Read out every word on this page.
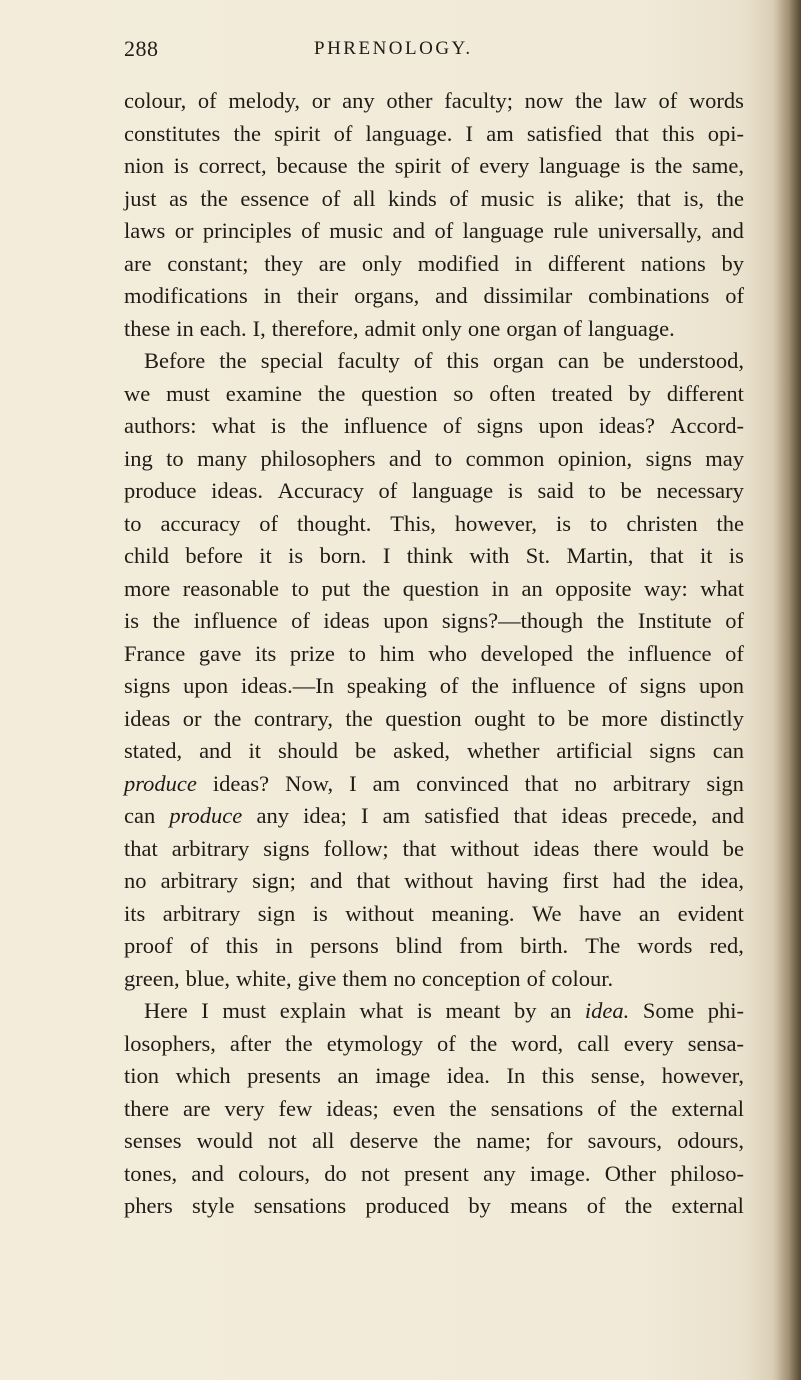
288	PHRENOLOGY.
colour, of melody, or any other faculty; now the law of words
constitutes the spirit of language. I am satisfied that this opi-
nion is correct, because the spirit of every language is the same,
just as the essence of all kinds of music is alike; that is, the
laws or principles of music and of language rule universally, and
are constant; they are only modified in different nations by
modifications in their organs, and dissimilar combinations of
these in each. I, therefore, admit only one organ of language.
Before the special faculty of this organ can be understood,
we must examine the question so often treated by different
authors: what is the influence of signs upon ideas? Accord-
ing to many philosophers and to common opinion, signs may
produce ideas. Accuracy of language is said to be necessary
to accuracy of thought. This, however, is to christen the
child before it is born. I think with St. Martin, that it is
more reasonable to put the question in an opposite way: what
is the influence of ideas upon signs?—though the Institute of
France gave its prize to him who developed the influence of
signs upon ideas.—In speaking of the influence of signs upon
ideas or the contrary, the question ought to be more distinctly
stated, and it should be asked, whether artificial signs can
produce ideas? Now, I am convinced that no arbitrary sign
can produce any idea; I am satisfied that ideas precede, and
that arbitrary signs follow; that without ideas there would be
no arbitrary sign; and that without having first had the idea,
its arbitrary sign is without meaning. We have an evident
proof of this in persons blind from birth. The words red,
green, blue, white, give them no conception of colour.
Here I must explain what is meant by an idea. Some phi-
losophers, after the etymology of the word, call every sensa-
tion which presents an image idea. In this sense, however,
there are very few ideas; even the sensations of the external
senses would not all deserve the name; for savours, odours,
tones, and colours, do not present any image. Other philoso-
phers style sensations produced by means of the external
